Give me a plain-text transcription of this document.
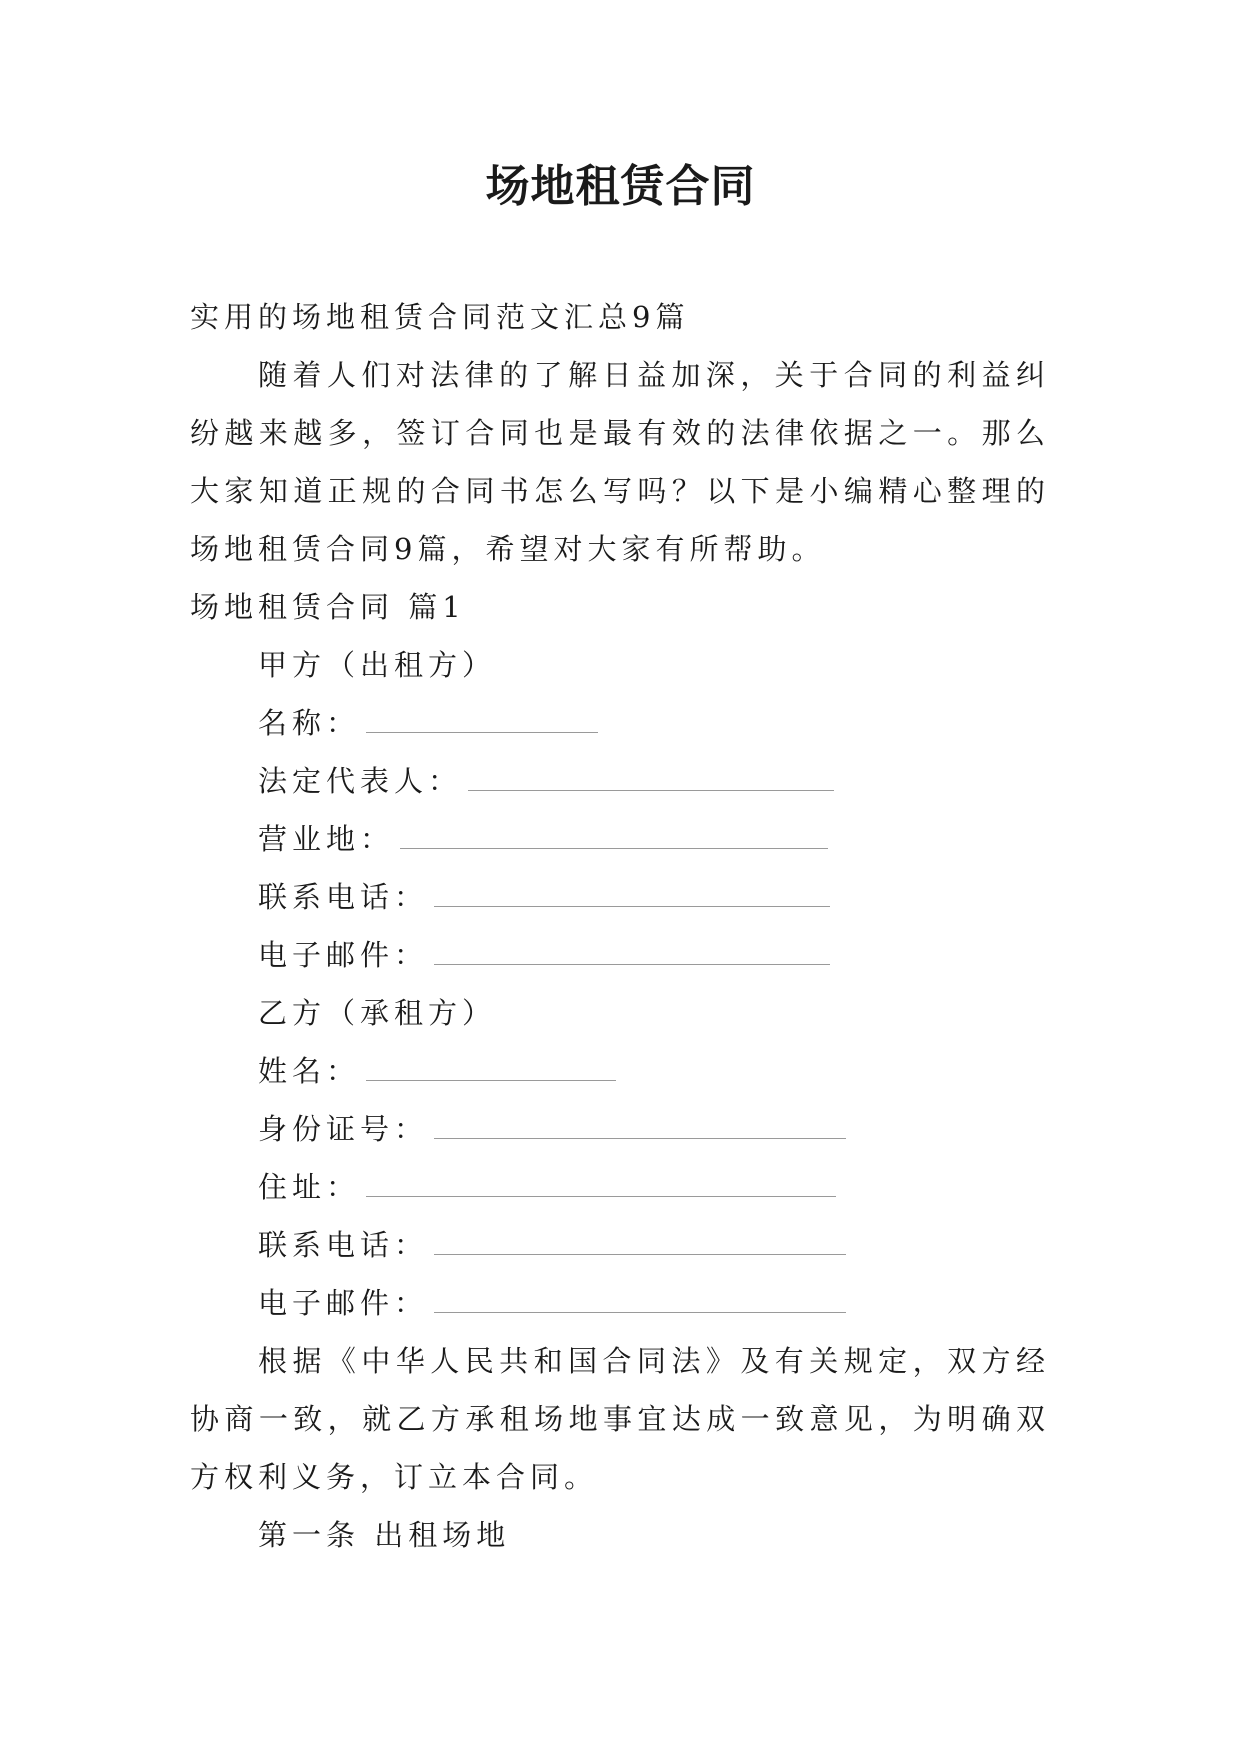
场地租赁合同

实用的场地租赁合同范文汇总9篇

随着人们对法律的了解日益加深，关于合同的利益纠纷越来越多，签订合同也是最有效的法律依据之一。那么大家知道正规的合同书怎么写吗？以下是小编精心整理的场地租赁合同9篇，希望对大家有所帮助。

场地租赁合同 篇1

甲方（出租方）

名称：

法定代表人：

营业地：

联系电话：

电子邮件：

乙方（承租方）

姓名：

身份证号：

住址：

联系电话：

电子邮件：

根据《中华人民共和国合同法》及有关规定，双方经协商一致，就乙方承租场地事宜达成一致意见，为明确双方权利义务，订立本合同。

第一条 出租场地
